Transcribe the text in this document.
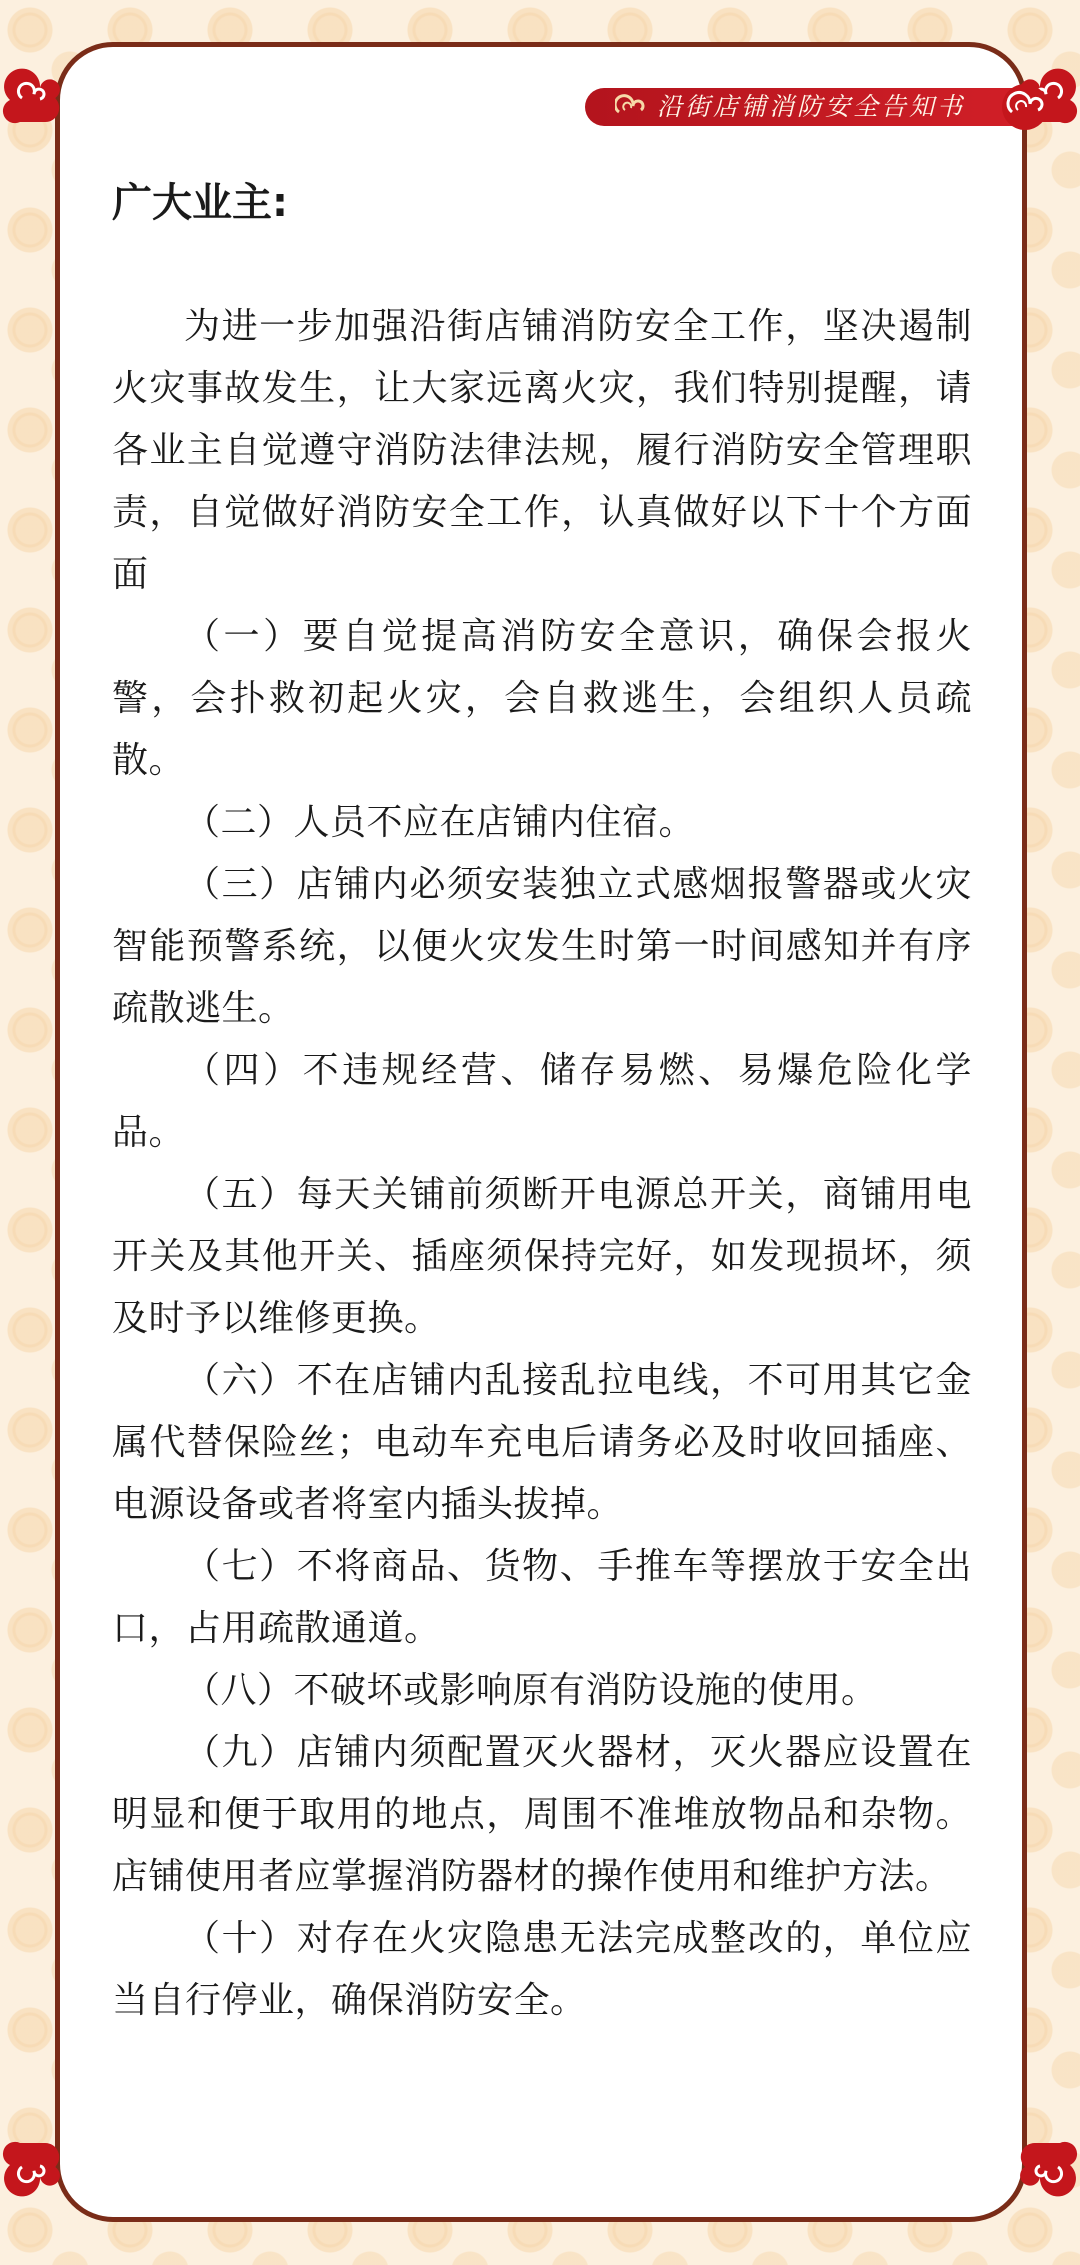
沿街店铺消防安全告知书
广大业主:

为进一步加强沿街店铺消防安全工作，坚决遏制火灾事故发生，让大家远离火灾，我们特别提醒，请各业主自觉遵守消防法律法规，履行消防安全管理职责，自觉做好消防安全工作，认真做好以下十个方面面

（一）要自觉提高消防安全意识，确保会报火警，会扑救初起火灾，会自救逃生，会组织人员疏散。

（二）人员不应在店铺内住宿。

（三）店铺内必须安装独立式感烟报警器或火灾智能预警系统，以便火灾发生时第一时间感知并有序疏散逃生。

（四）不违规经营、储存易燃、易爆危险化学品。

（五）每天关铺前须断开电源总开关，商铺用电开关及其他开关、插座须保持完好，如发现损坏，须及时予以维修更换。

（六）不在店铺内乱接乱拉电线，不可用其它金属代替保险丝；电动车充电后请务必及时收回插座、电源设备或者将室内插头拔掉。

（七）不将商品、货物、手推车等摆放于安全出口，占用疏散通道。

（八）不破坏或影响原有消防设施的使用。

（九）店铺内须配置灭火器材，灭火器应设置在明显和便于取用的地点，周围不准堆放物品和杂物。店铺使用者应掌握消防器材的操作使用和维护方法。

（十）对存在火灾隐患无法完成整改的，单位应当自行停业，确保消防安全。
